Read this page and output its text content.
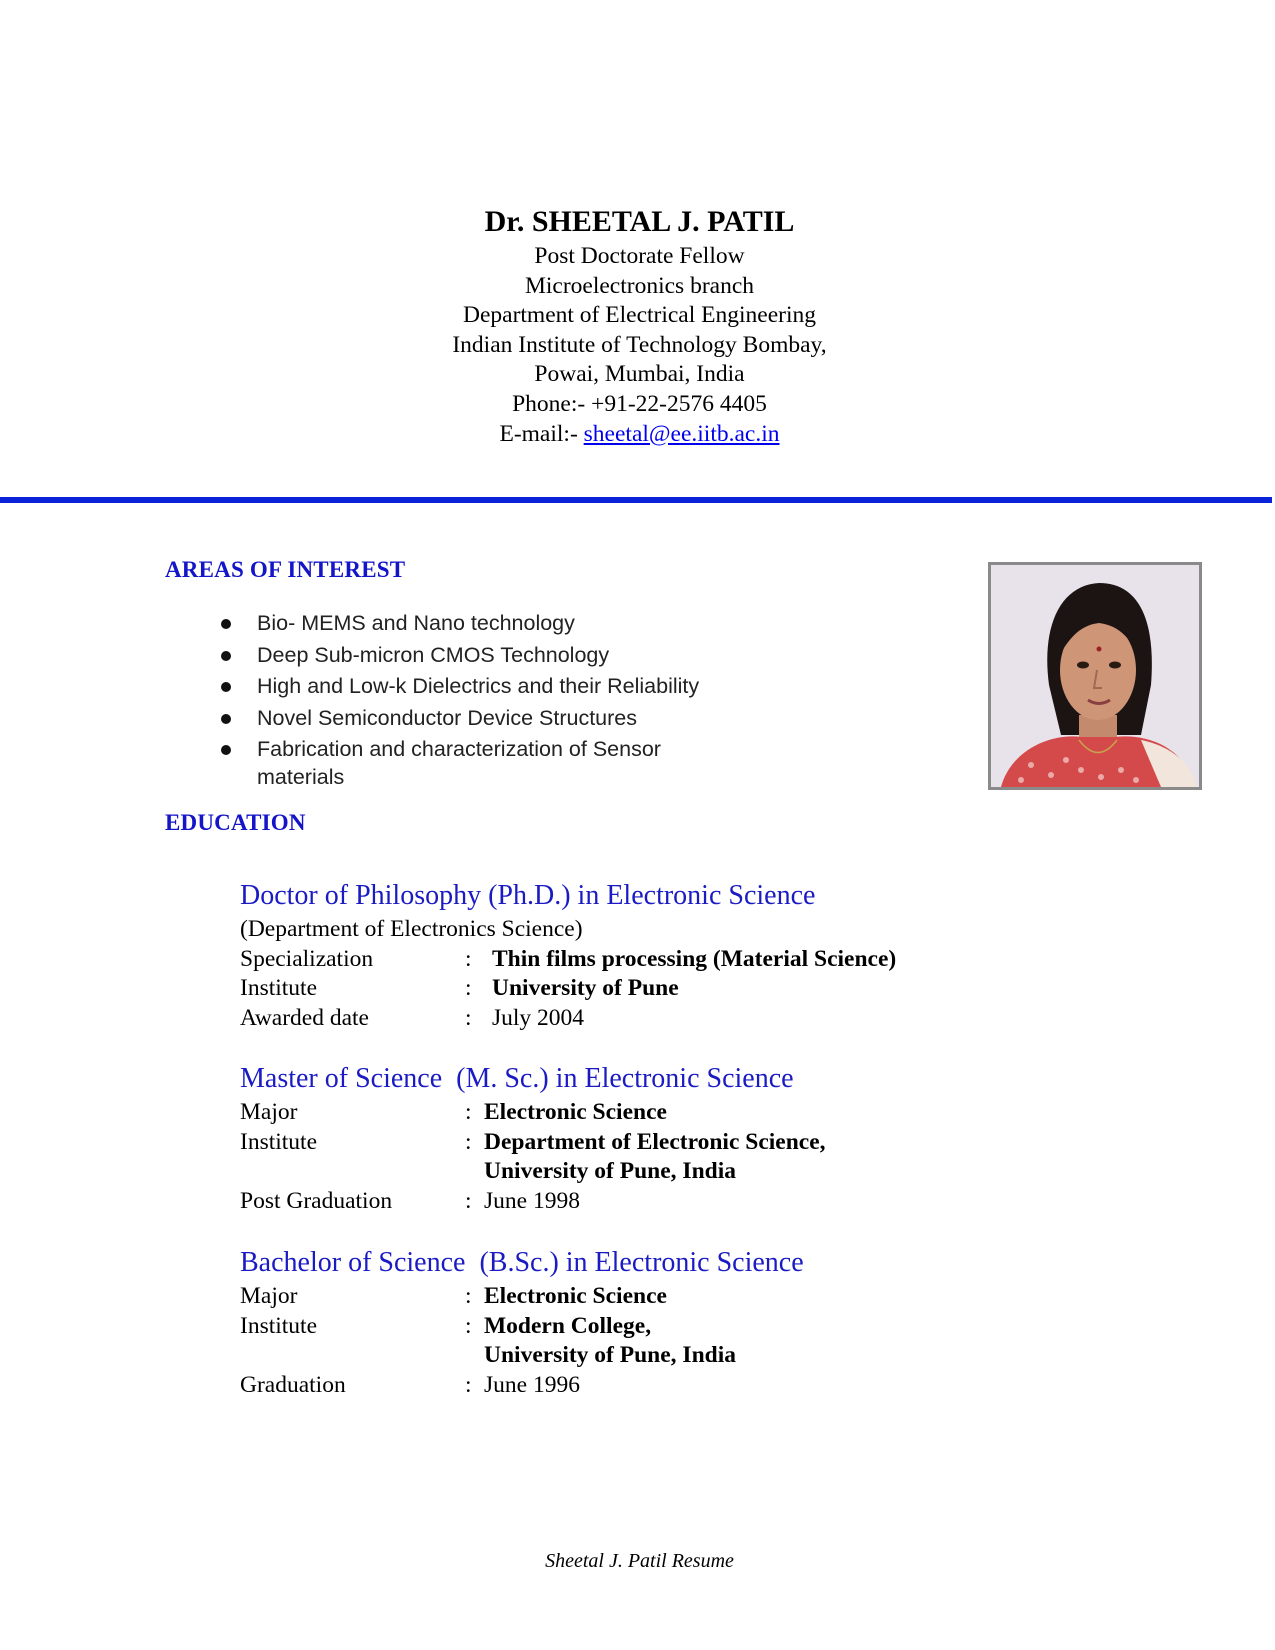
Dr. SHEETAL J. PATIL
Post Doctorate Fellow
Microelectronics branch
Department of Electrical Engineering
Indian Institute of Technology Bombay,
Powai, Mumbai, India
Phone:- +91-22-2576 4405
E-mail:- sheetal@ee.iitb.ac.in
AREAS OF INTEREST
Bio- MEMS and Nano technology
Deep Sub-micron CMOS Technology
High and Low-k Dielectrics and their Reliability
Novel Semiconductor Device Structures
Fabrication and characterization of Sensor materials
EDUCATION
Doctor of Philosophy (Ph.D.) in Electronic Science
(Department of Electronics Science)
Specialization	: Thin films processing (Material Science)
Institute	: University of Pune
Awarded date	: July 2004
Master of Science  (M. Sc.) in Electronic Science
Major	: Electronic Science
Institute	: Department of Electronic Science,
University of Pune, India
Post Graduation	: June 1998
Bachelor of Science  (B.Sc.) in Electronic Science
Major	: Electronic Science
Institute	: Modern College,
University of Pune, India
Graduation	: June 1996
Sheetal J. Patil Resume
